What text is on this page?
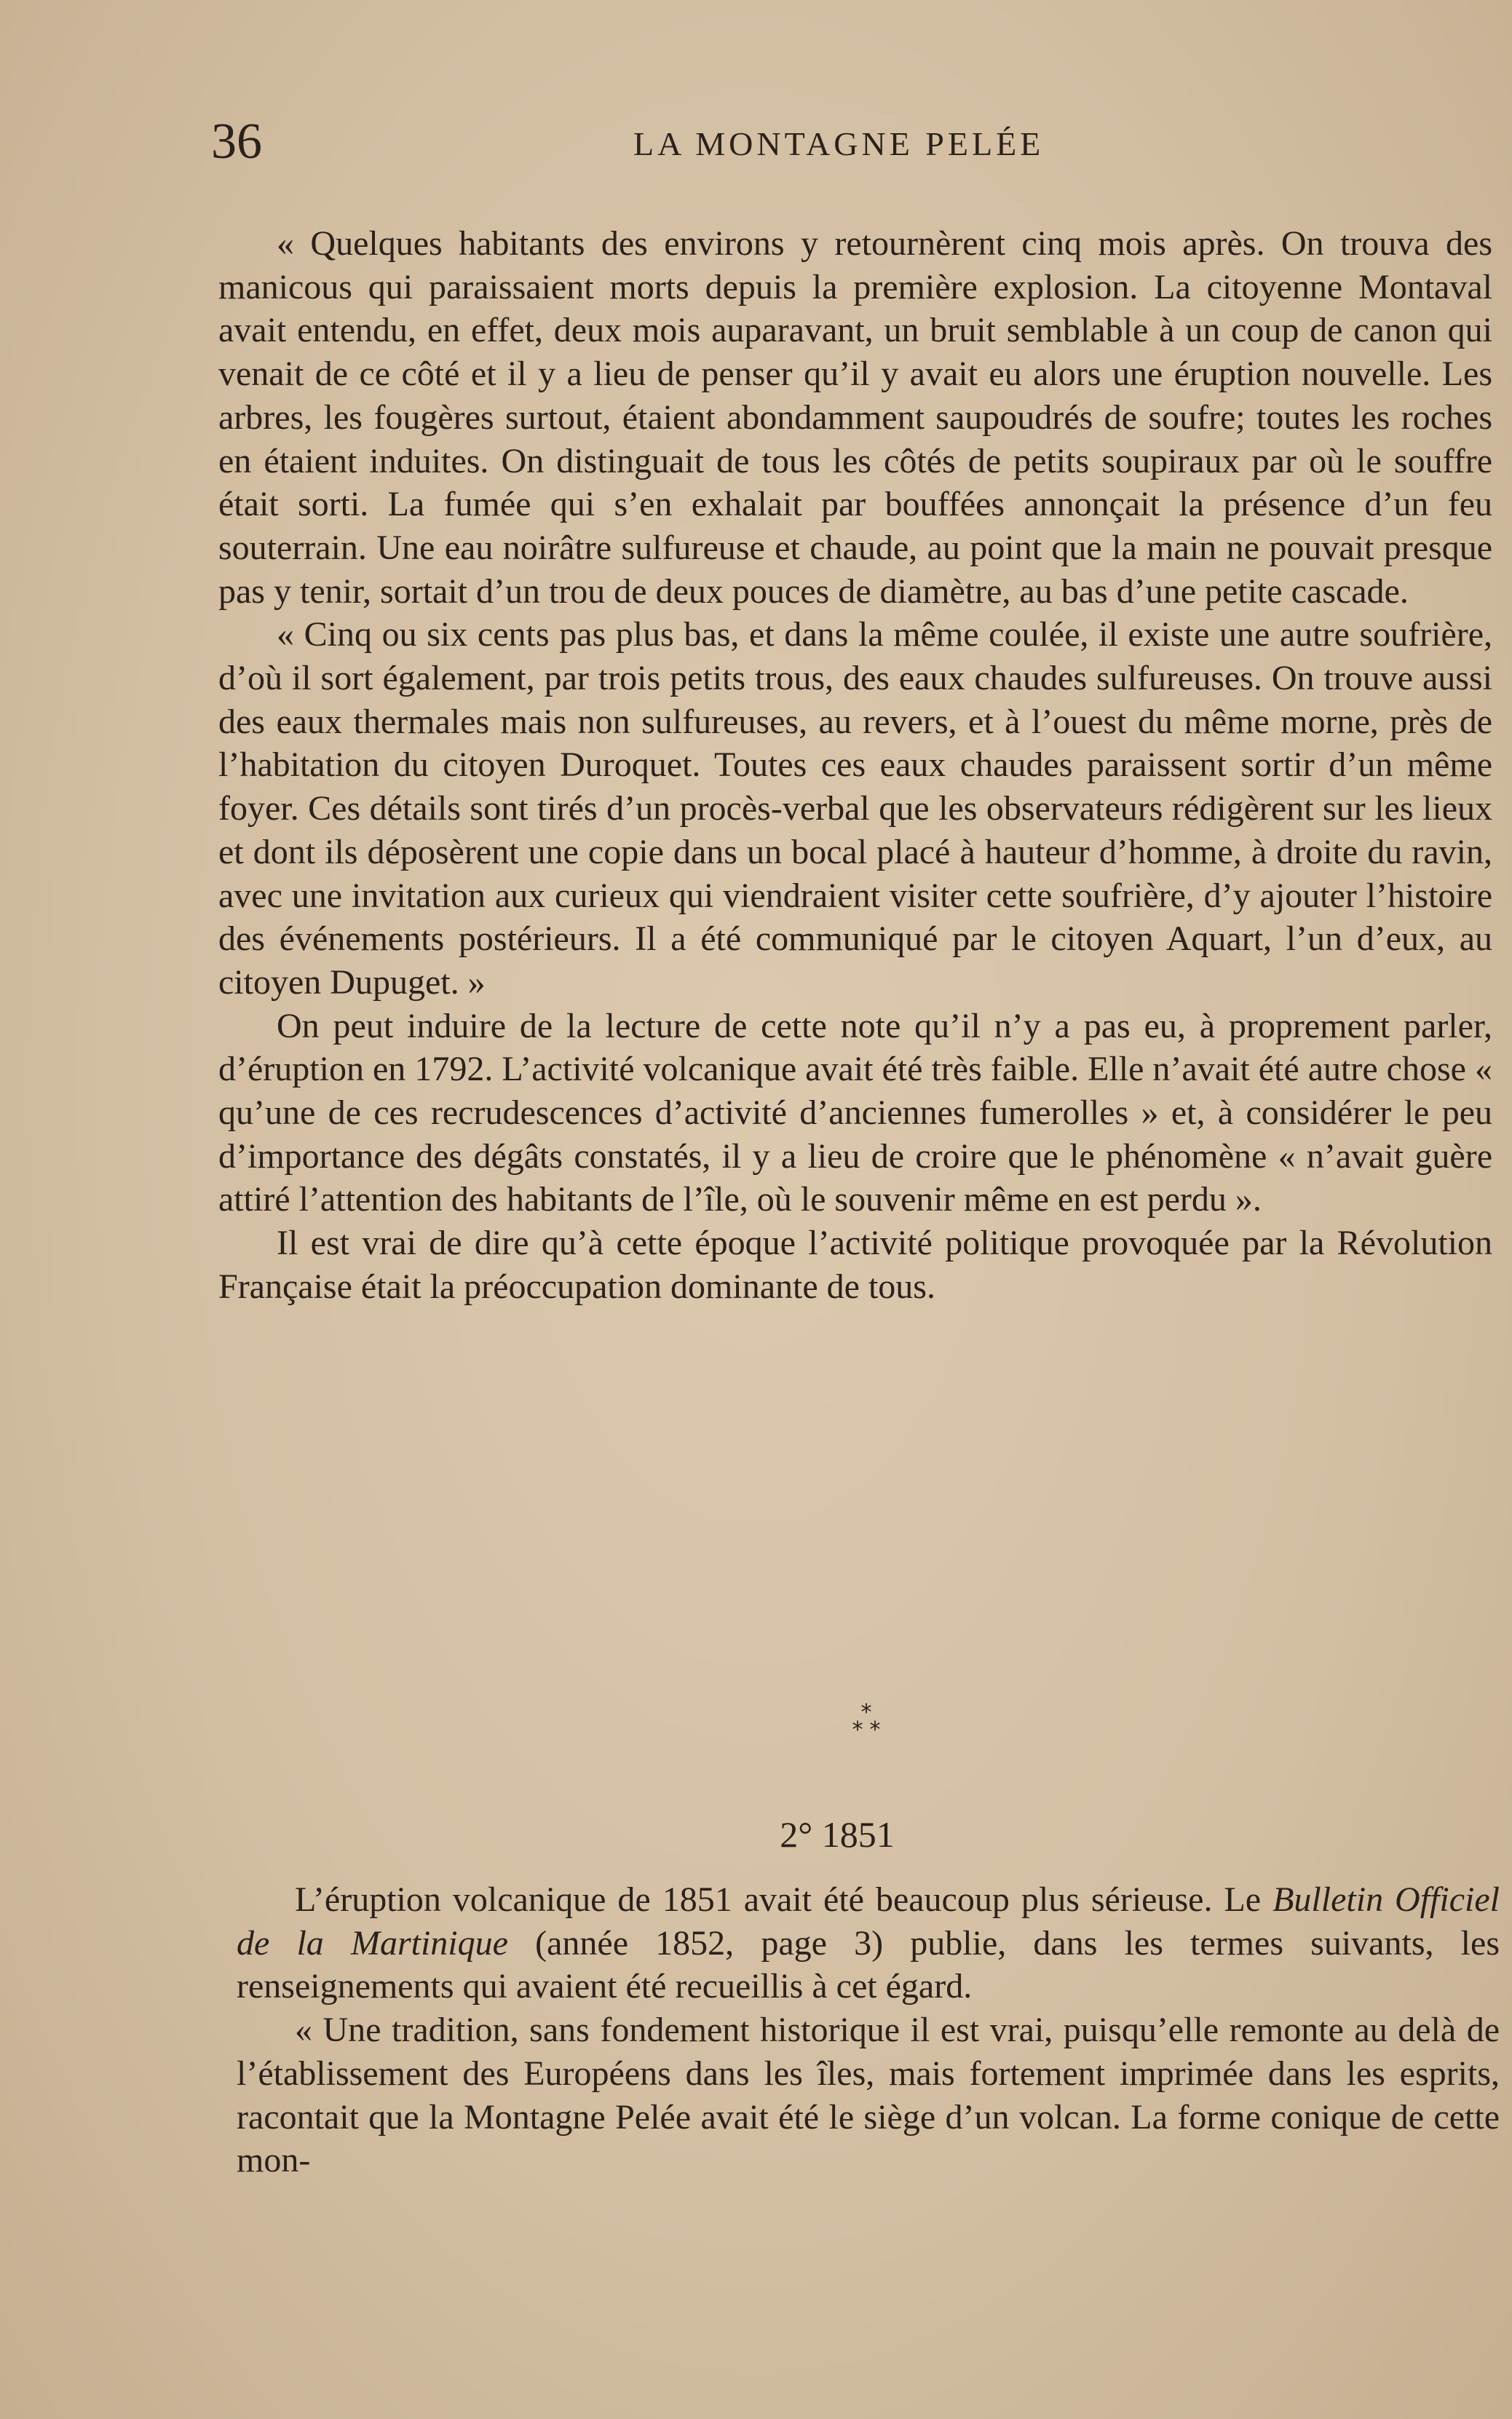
36	LA MONTAGNE PELÉE

« Quelques habitants des environs y retournèrent cinq mois après. On trouva des manicous qui paraissaient morts depuis la première explosion. La citoyenne Montaval avait entendu, en effet, deux mois auparavant, un bruit semblable à un coup de canon qui venait de ce côté et il y a lieu de penser qu’il y avait eu alors une éruption nouvelle. Les arbres, les fougères surtout, étaient abondamment saupoudrés de soufre; toutes les roches en étaient induites. On distinguait de tous les côtés de petits soupiraux par où le souffre était sorti. La fumée qui s’en exhalait par bouffées annonçait la présence d’un feu souterrain. Une eau noirâtre sulfureuse et chaude, au point que la main ne pouvait presque pas y tenir, sortait d’un trou de deux pouces de diamètre, au bas d’une petite cascade.

« Cinq ou six cents pas plus bas, et dans la même coulée, il existe une autre soufrière, d’où il sort également, par trois petits trous, des eaux chaudes sulfureuses. On trouve aussi des eaux thermales mais non sulfureuses, au revers, et à l’ouest du même morne, près de l’habitation du citoyen Duroquet. Toutes ces eaux chaudes paraissent sortir d’un même foyer. Ces détails sont tirés d’un procès-verbal que les observateurs rédigèrent sur les lieux et dont ils déposèrent une copie dans un bocal placé à hauteur d’homme, à droite du ravin, avec une invitation aux curieux qui viendraient visiter cette soufrière, d’y ajouter l’histoire des événements postérieurs. Il a été communiqué par le citoyen Aquart, l’un d’eux, au citoyen Dupuget. »

On peut induire de la lecture de cette note qu’il n’y a pas eu, à proprement parler, d’éruption en 1792. L’activité volcanique avait été très faible. Elle n’avait été autre chose « qu’une de ces recrudescences d’activité d’anciennes fumerolles » et, à considérer le peu d’importance des dégâts constatés, il y a lieu de croire que le phénomène « n’avait guère attiré l’attention des habitants de l’île, où le souvenir même en est perdu ».

Il est vrai de dire qu’à cette époque l’activité politique provoquée par la Révolution Française était la préoccupation dominante de tous.

*
* *
2° 1851

L’éruption volcanique de 1851 avait été beaucoup plus sérieuse. Le Bulletin Officiel de la Martinique (année 1852, page 3) publie, dans les termes suivants, les renseignements qui avaient été recueillis à cet égard.

« Une tradition, sans fondement historique il est vrai, puisqu’elle remonte au delà de l’établissement des Européens dans les îles, mais fortement imprimée dans les esprits, racontait que la Montagne Pelée avait été le siège d’un volcan. La forme conique de cette mon-
